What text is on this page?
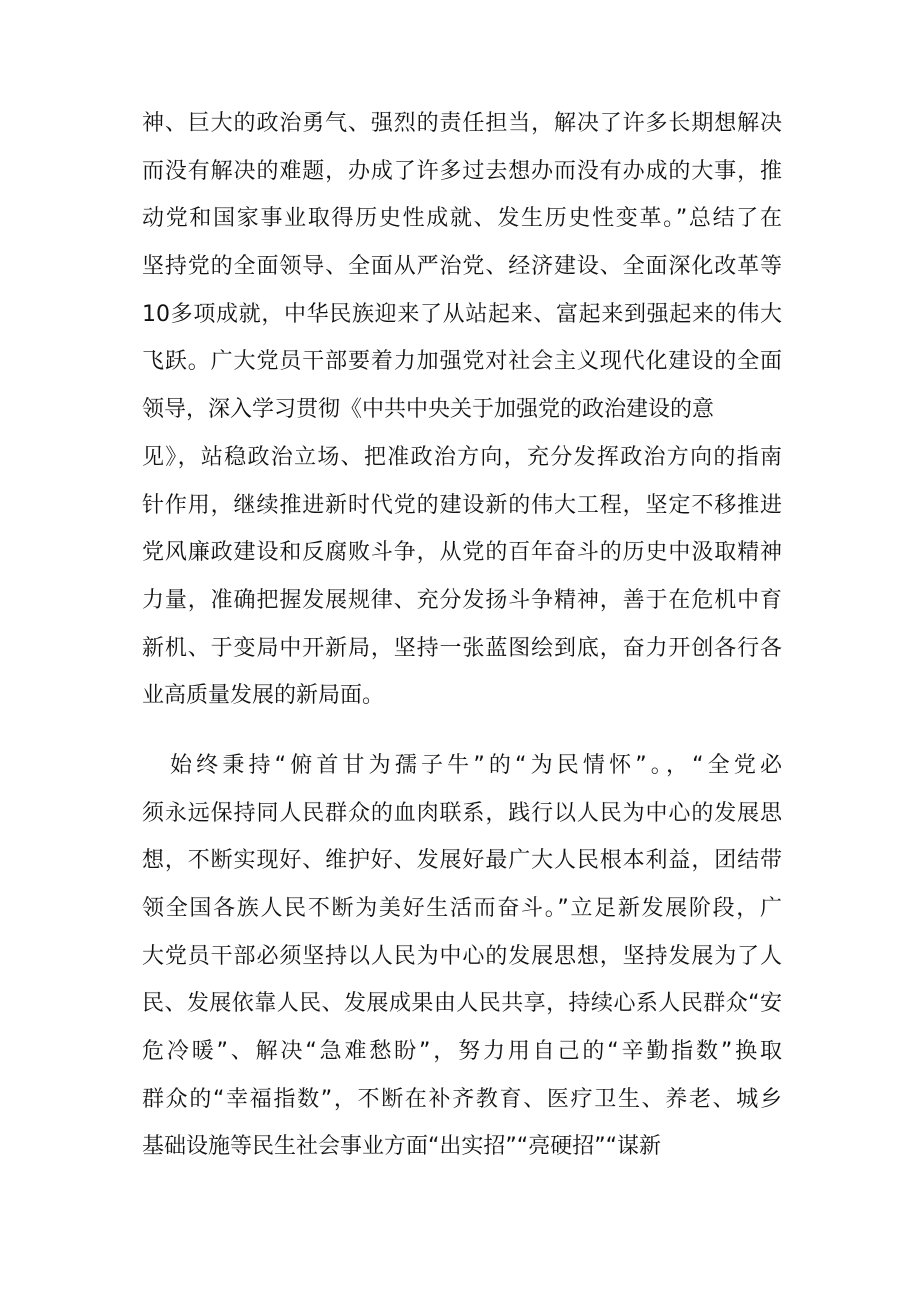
神、巨大的政治勇气、强烈的责任担当，解决了许多长期想解决
而没有解决的难题，办成了许多过去想办而没有办成的大事，推
动党和国家事业取得历史性成就、发生历史性变革。”总结了在
坚持党的全面领导、全面从严治党、经济建设、全面深化改革等
10多项成就，中华民族迎来了从站起来、富起来到强起来的伟大
飞跃。广大党员干部要着力加强党对社会主义现代化建设的全面
领导，深入学习贯彻《中共中央关于加强党的政治建设的意
见》，站稳政治立场、把准政治方向，充分发挥政治方向的指南
针作用，继续推进新时代党的建设新的伟大工程，坚定不移推进
党风廉政建设和反腐败斗争，从党的百年奋斗的历史中汲取精神
力量，准确把握发展规律、充分发扬斗争精神，善于在危机中育
新机、于变局中开新局，坚持一张蓝图绘到底，奋力开创各行各
业高质量发展的新局面。
始终秉持“俯首甘为孺子牛”的“为民情怀”。，“全党必
须永远保持同人民群众的血肉联系，践行以人民为中心的发展思
想，不断实现好、维护好、发展好最广大人民根本利益，团结带
领全国各族人民不断为美好生活而奋斗。”立足新发展阶段，广
大党员干部必须坚持以人民为中心的发展思想，坚持发展为了人
民、发展依靠人民、发展成果由人民共享，持续心系人民群众“安
危冷暖”、解决“急难愁盼”，努力用自己的“辛勤指数”换取
群众的“幸福指数”，不断在补齐教育、医疗卫生、养老、城乡
基础设施等民生社会事业方面“出实招”“亮硬招”“谋新
